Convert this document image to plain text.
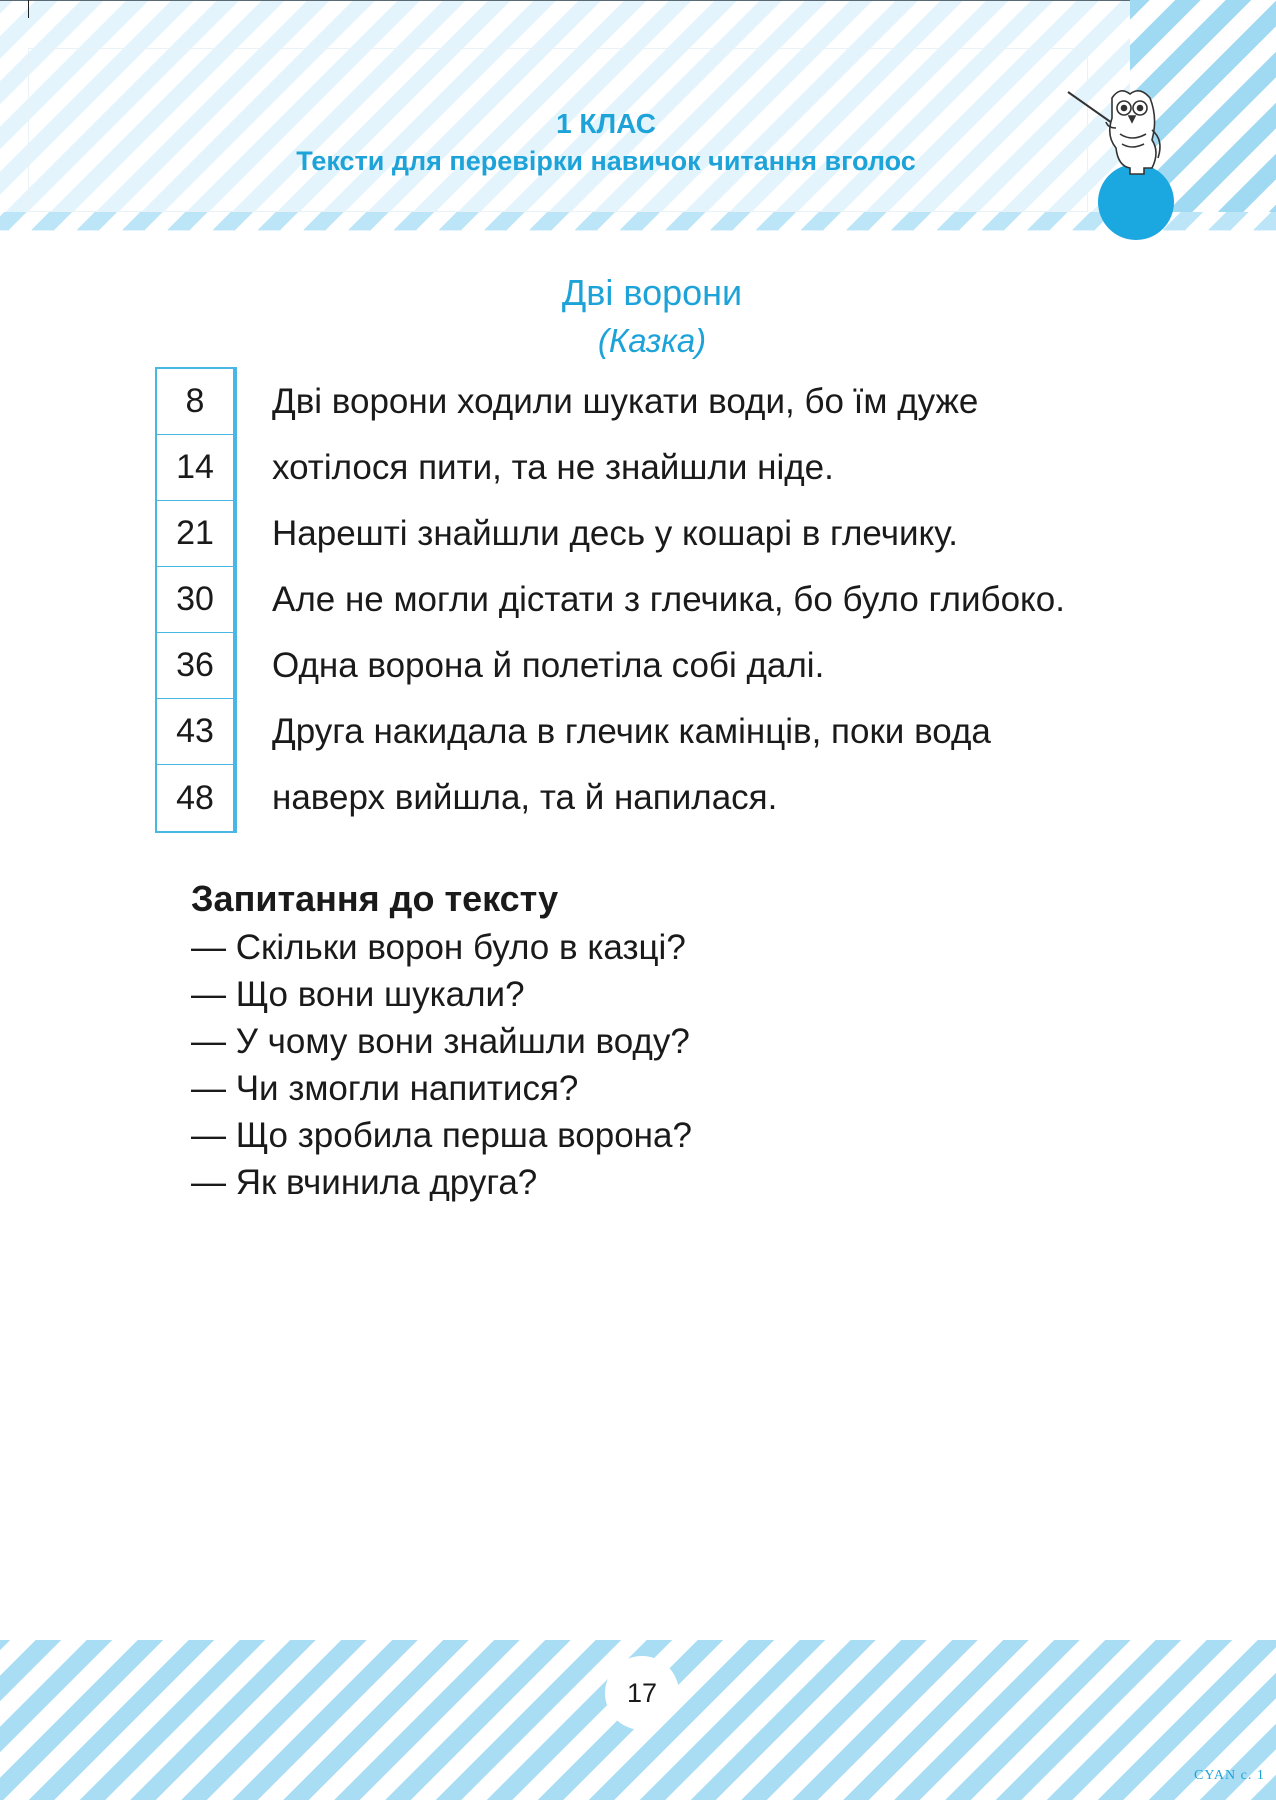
1 КЛАС
Тексти для перевірки навичок читання вголос
Дві ворони
(Казка)
8
14
21
30
36
43
48
Дві ворони ходили шукати води, бо їм дуже
хотілося пити, та не знайшли ніде.
Нарешті знайшли десь у кошарі в глечику.
Але не могли дістати з глечика, бо було глибоко.
Одна ворона й полетіла собі далі.
Друга накидала в глечик камінців, поки вода
наверх вийшла, та й напилася.
Запитання до тексту
— Скільки ворон було в казці?
— Що вони шукали?
— У чому вони знайшли воду?
— Чи змогли напитися?
— Що зробила перша ворона?
— Як вчинила друга?
17
CYAN с. 1
